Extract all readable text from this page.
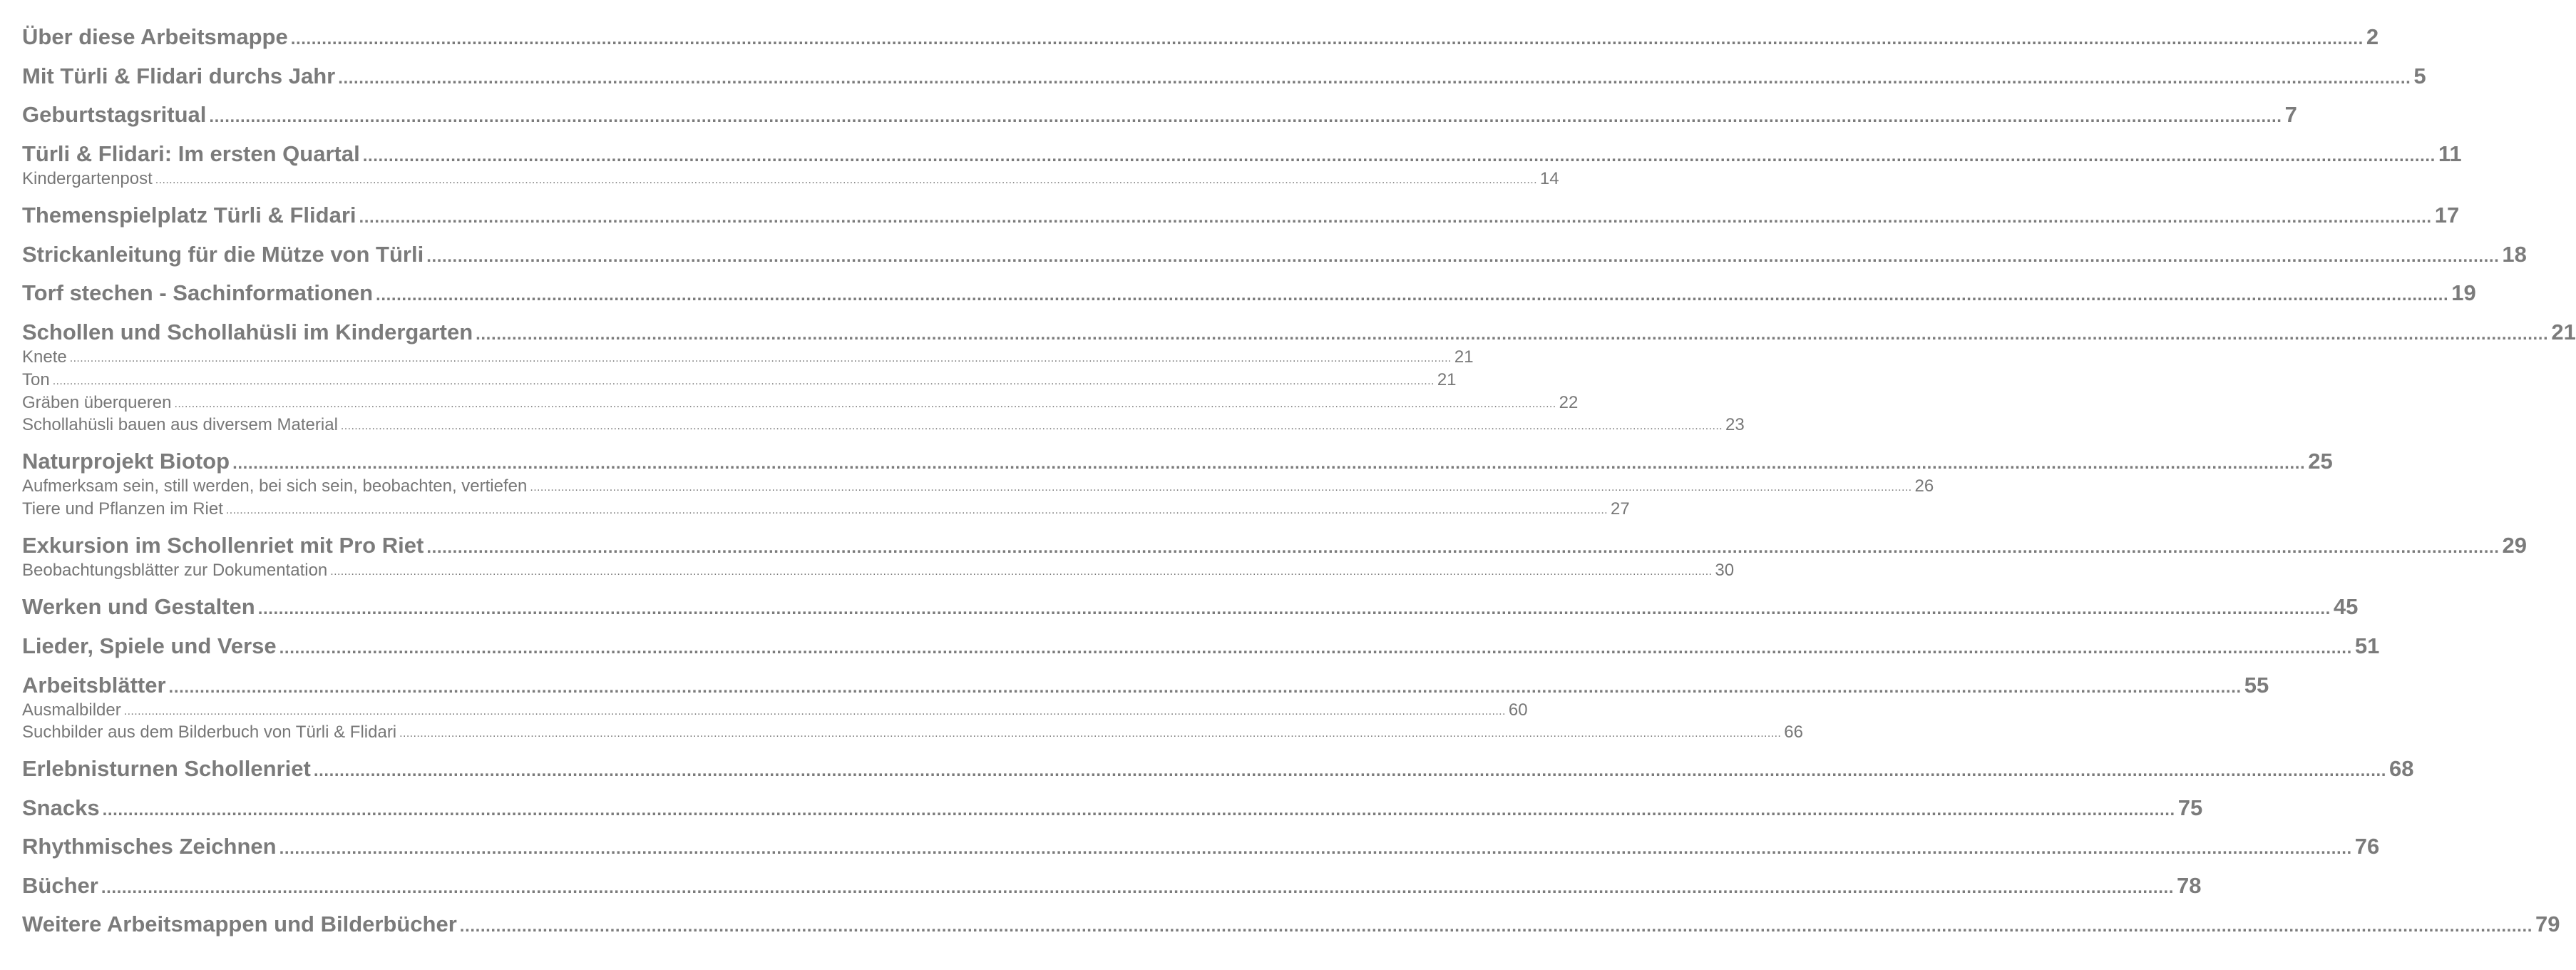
Über diese Arbeitsmappe ................................................................................................................................................................................................................................................................................................................................................................................................................ 2
Mit Türli & Flidari durchs Jahr ................................................................................................................................................................................................................................................................................................................................................................................................................ 5
Geburtstagsritual ................................................................................................................................................................................................................................................................................................................................................................................................................ 7
Türli & Flidari: Im ersten Quartal ................................................................................................................................................................................................................................................................................................................................................................................................................ 11
Kindergartenpost ................................................................................................................................................................................................................................................................................................................................................................................................................ 14
Themenspielplatz Türli & Flidari ................................................................................................................................................................................................................................................................................................................................................................................................................ 17
Strickanleitung für die Mütze von Türli ................................................................................................................................................................................................................................................................................................................................................................................................................ 18
Torf stechen - Sachinformationen ................................................................................................................................................................................................................................................................................................................................................................................................................ 19
Schollen und Schollahüsli im Kindergarten ................................................................................................................................................................................................................................................................................................................................................................................................................ 21
Knete ................................................................................................................................................................................................................................................................................................................................................................................................................ 21
Ton ................................................................................................................................................................................................................................................................................................................................................................................................................ 21
Gräben überqueren ................................................................................................................................................................................................................................................................................................................................................................................................................ 22
Schollahüsli bauen aus diversem Material ................................................................................................................................................................................................................................................................................................................................................................................................................ 23
Naturprojekt Biotop ................................................................................................................................................................................................................................................................................................................................................................................................................ 25
Aufmerksam sein, still werden, bei sich sein, beobachten, vertiefen ................................................................................................................................................................................................................................................................................................................................................................................................................ 26
Tiere und Pflanzen im Riet ................................................................................................................................................................................................................................................................................................................................................................................................................ 27
Exkursion im Schollenriet mit Pro Riet ................................................................................................................................................................................................................................................................................................................................................................................................................ 29
Beobachtungsblätter zur Dokumentation ................................................................................................................................................................................................................................................................................................................................................................................................................ 30
Werken und Gestalten ................................................................................................................................................................................................................................................................................................................................................................................................................ 45
Lieder, Spiele und Verse ................................................................................................................................................................................................................................................................................................................................................................................................................ 51
Arbeitsblätter ................................................................................................................................................................................................................................................................................................................................................................................................................ 55
Ausmalbilder ................................................................................................................................................................................................................................................................................................................................................................................................................ 60
Suchbilder aus dem Bilderbuch von Türli & Flidari ................................................................................................................................................................................................................................................................................................................................................................................................................ 66
Erlebnisturnen Schollenriet ................................................................................................................................................................................................................................................................................................................................................................................................................ 68
Snacks ................................................................................................................................................................................................................................................................................................................................................................................................................ 75
Rhythmisches Zeichnen ................................................................................................................................................................................................................................................................................................................................................................................................................ 76
Bücher ................................................................................................................................................................................................................................................................................................................................................................................................................ 78
Weitere Arbeitsmappen und Bilderbücher ................................................................................................................................................................................................................................................................................................................................................................................................................ 79
